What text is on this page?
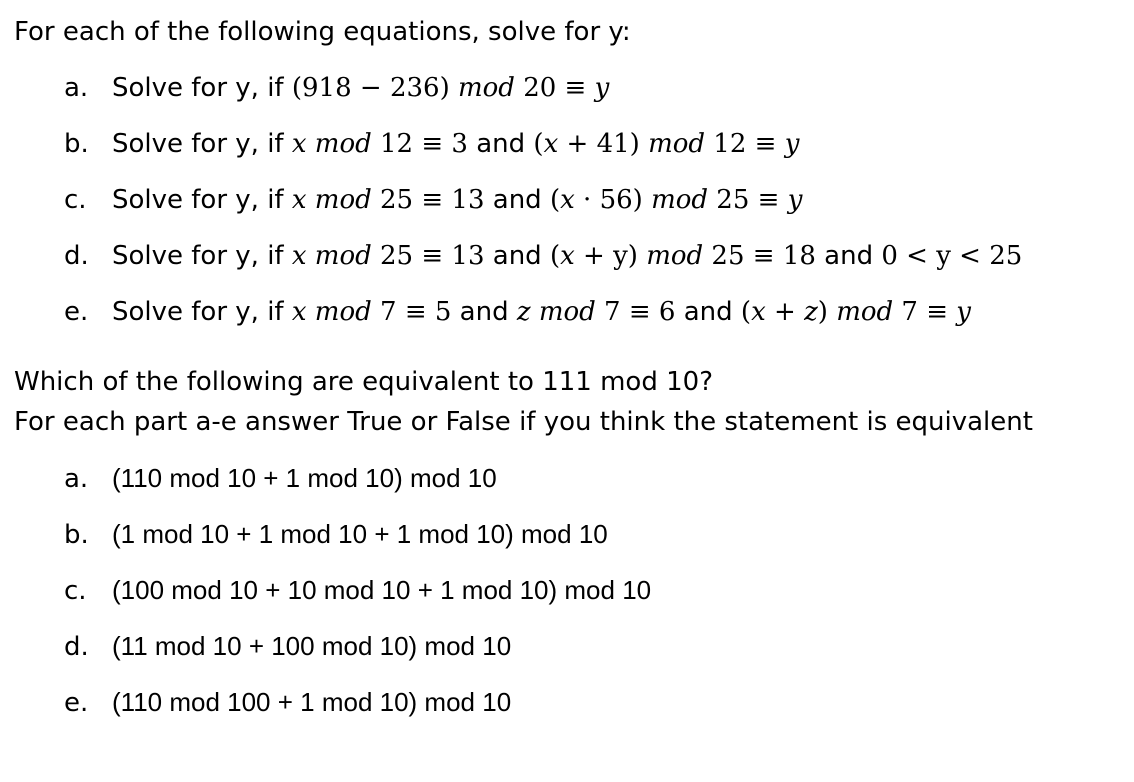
For each of the following equations, solve for y:
a. Solve for y, if (918 − 236) mod 20 ≡ y
b. Solve for y, if x mod 12 ≡ 3 and (x + 41) mod 12 ≡ y
c. Solve for y, if x mod 25 ≡ 13 and (x · 56) mod 25 ≡ y
d. Solve for y, if x mod 25 ≡ 13 and (x + y) mod 25 ≡ 18 and 0 < y < 25
e. Solve for y, if x mod 7 ≡ 5 and z mod 7 ≡ 6 and (x + z) mod 7 ≡ y
Which of the following are equivalent to 111 mod 10?
For each part a-e answer True or False if you think the statement is equivalent
a. (110 mod 10 + 1 mod 10) mod 10
b. (1 mod 10 + 1 mod 10 + 1 mod 10) mod 10
c. (100 mod 10 + 10 mod 10 + 1 mod 10) mod 10
d. (11 mod 10 + 100 mod 10) mod 10
e. (110 mod 100 + 1 mod 10) mod 10
